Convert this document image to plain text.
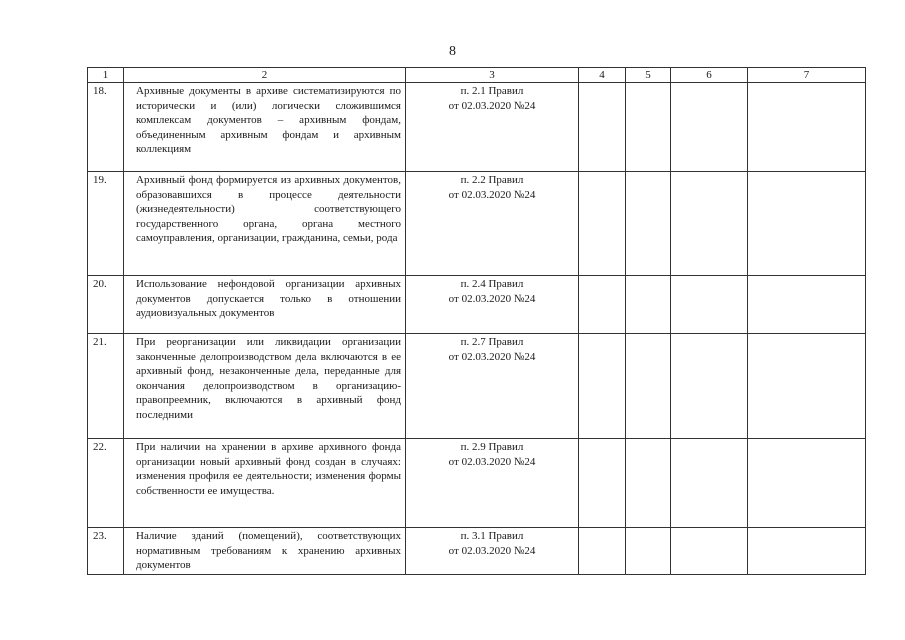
8
1	2	3	4	5	6	7
18.	Архивные документы в архиве систематизируются по исторически и (или) логически сложившимся комплексам документов – архивным фондам, объединенным архивным фондам и архивным коллекциям	п. 2.1 Правил
от 02.03.2020 №24				

19.	Архивный фонд формируется из архивных документов, образовавшихся в процессе деятельности (жизнедеятельности) соответствующего государственного органа, органа местного самоуправления, организации, гражданина, семьи, рода	п. 2.2 Правил
от 02.03.2020 №24				

20.	Использование нефондовой организации архивных документов допускается только в отношении аудиовизуальных документов	п. 2.4 Правил
от 02.03.2020 №24				

21.	При реорганизации или ликвидации организации законченные делопроизводством дела включаются в ее архивный фонд, незаконченные дела, переданные для окончания делопроизводством в организацию-правопреемник, включаются в архивный фонд последними	п. 2.7 Правил
от 02.03.2020 №24				

22.	При наличии на хранении в архиве архивного фонда организации новый архивный фонд создан в случаях: изменения профиля ее деятельности; изменения формы собственности ее имущества.	п. 2.9 Правил
от 02.03.2020 №24				

23.	Наличие зданий (помещений), соответствующих нормативным требованиям к хранению архивных документов	п. 3.1 Правил
от 02.03.2020 №24				
